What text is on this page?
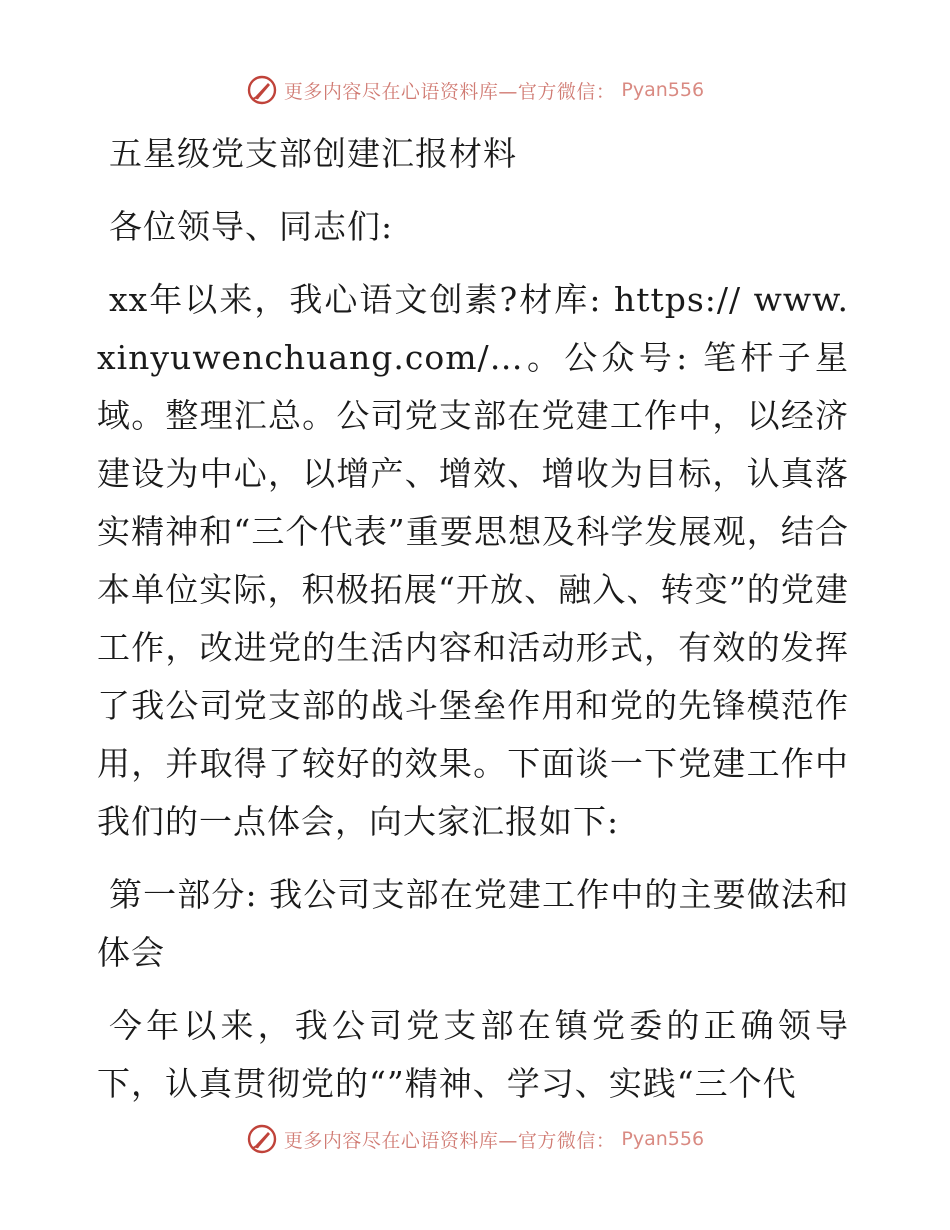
更多内容尽在心语资料库—官方微信： Pyan556

五星级党支部创建汇报材料

各位领导、同志们:

xx年以来，我心语文创素?材库: https:// www.xinyuwenchuang.com/…。公众号: 笔杆子星域。整理汇总。公司党支部在党建工作中，以经济建设为中心，以增产、增效、增收为目标，认真落实精神和“三个代表”重要思想及科学发展观，结合本单位实际，积极拓展“开放、融入、转变”的党建工作，改进党的生活内容和活动形式，有效的发挥了我公司党支部的战斗堡垒作用和党的先锋模范作用，并取得了较好的效果。下面谈一下党建工作中我们的一点体会，向大家汇报如下:

第一部分: 我公司支部在党建工作中的主要做法和体会

今年以来，我公司党支部在镇党委的正确领导下，认真贯彻党的“”精神、学习、实践“三个代

更多内容尽在心语资料库—官方微信： Pyan556
